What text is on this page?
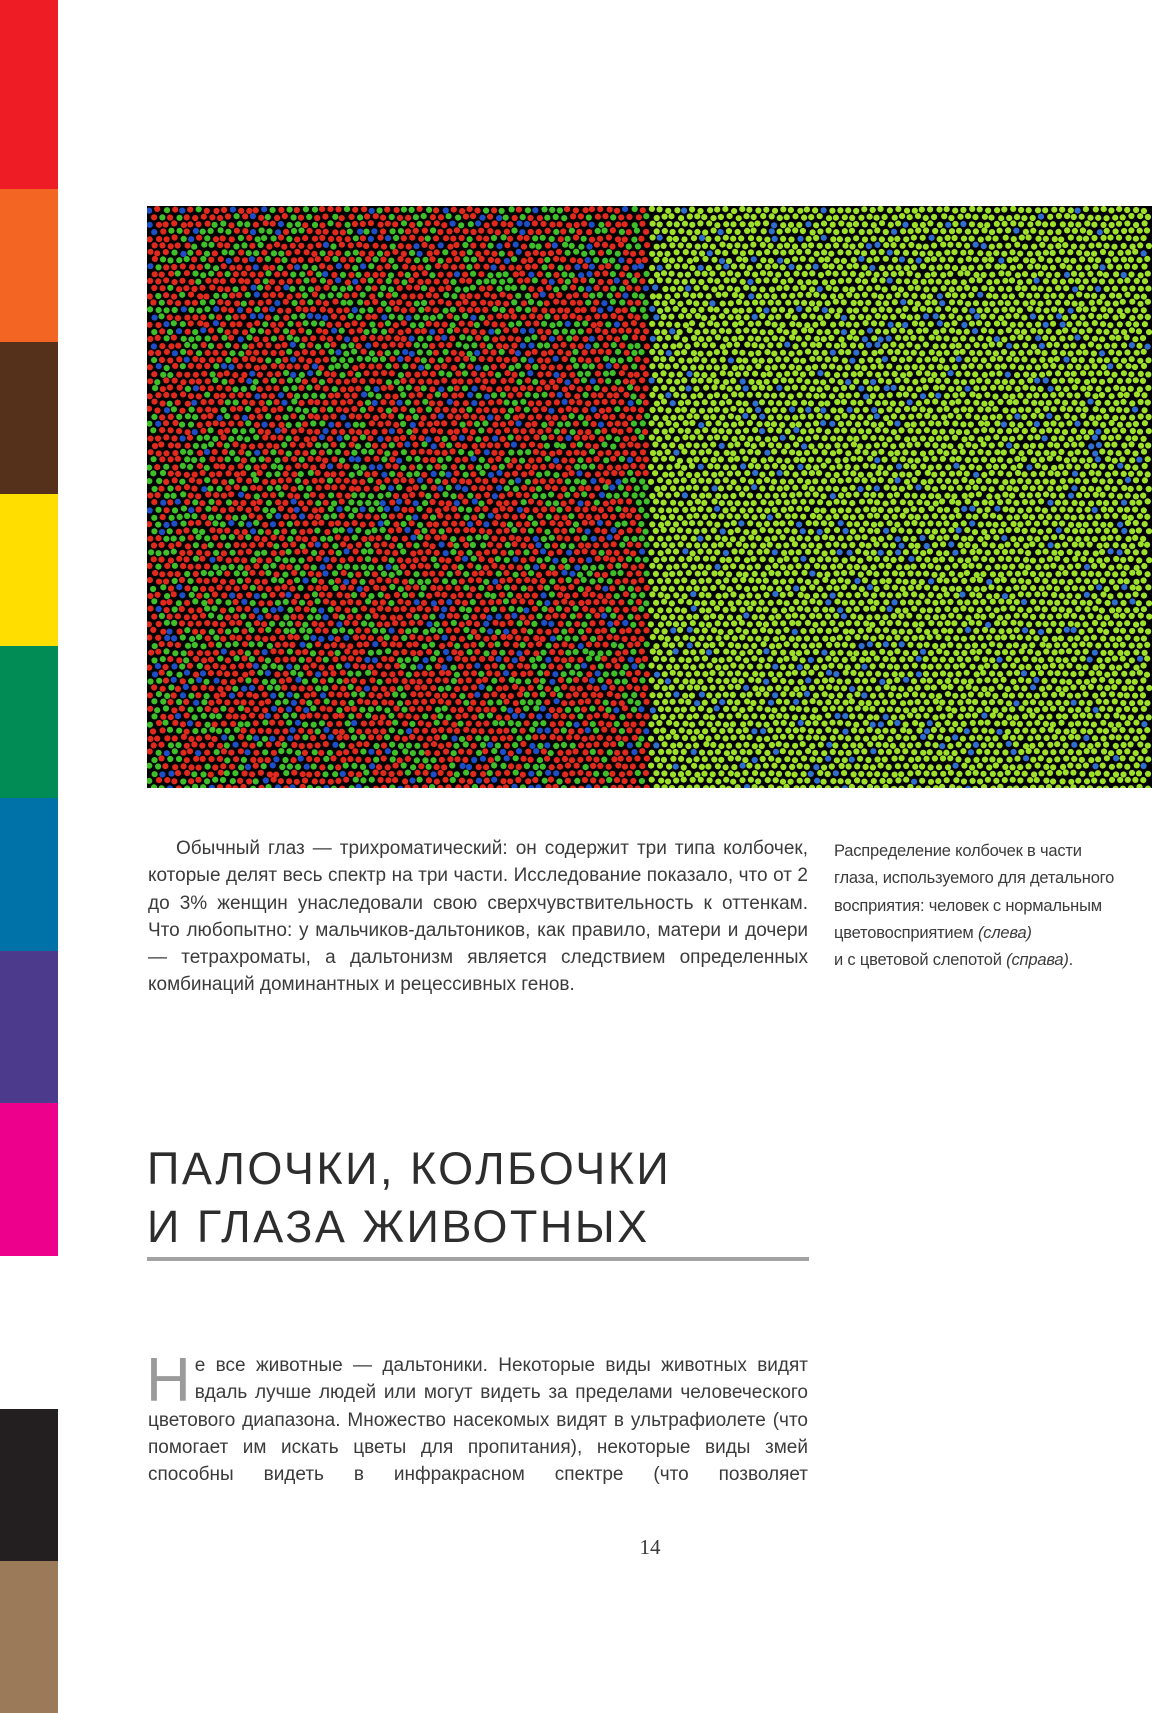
Обычный глаз — трихроматический: он содержит три типа колбочек, которые делят весь спектр на три части. Исследование показало, что от 2 до 3% женщин унаследовали свою сверхчувствительность к оттенкам. Что любопытно: у мальчиков-дальтоников, как правило, матери и дочери — тетрахроматы, а дальтонизм является следствием определенных комбинаций доминантных и рецессивных генов.

Распределение колбочек в части
глаза, используемого для детального
восприятия: человек с нормальным
цветовосприятием (слева)
и с цветовой слепотой (справа).
ПАЛОЧКИ, КОЛБОЧКИ
И ГЛАЗА ЖИВОТНЫХ

Не все животные — дальтоники. Некоторые виды животных видят вдаль лучше людей или могут видеть за пределами человеческого цветового диапазона. Множество насекомых видят в ультрафиолете (что помогает им искать цветы для пропитания), некоторые виды змей способны видеть в инфракрасном спектре (что позволяет

14
